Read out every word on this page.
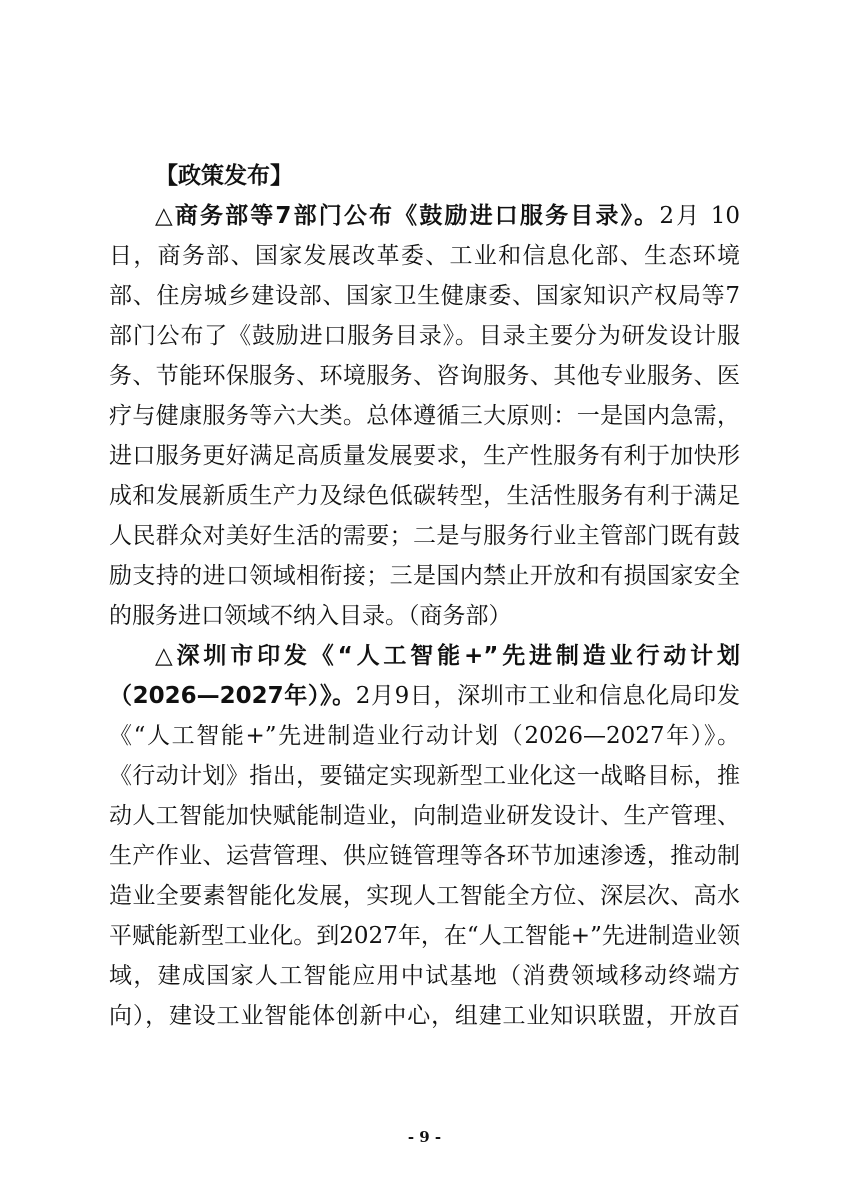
【政策发布】
△商务部等7部门公布《鼓励进口服务目录》。2月 10
日，商务部、国家发展改革委、工业和信息化部、生态环境
部、住房城乡建设部、国家卫生健康委、国家知识产权局等7
部门公布了《鼓励进口服务目录》。目录主要分为研发设计服
务、节能环保服务、环境服务、咨询服务、其他专业服务、医
疗与健康服务等六大类。总体遵循三大原则：一是国内急需，
进口服务更好满足高质量发展要求，生产性服务有利于加快形
成和发展新质生产力及绿色低碳转型，生活性服务有利于满足
人民群众对美好生活的需要；二是与服务行业主管部门既有鼓
励支持的进口领域相衔接；三是国内禁止开放和有损国家安全
的服务进口领域不纳入目录。（商务部）
△深圳市印发《“人工智能+”先进制造业行动计划
（2026—2027年）》。2月9日，深圳市工业和信息化局印发
《“人工智能+”先进制造业行动计划（2026—2027年）》。
《行动计划》指出，要锚定实现新型工业化这一战略目标，推
动人工智能加快赋能制造业，向制造业研发设计、生产管理、
生产作业、运营管理、供应链管理等各环节加速渗透，推动制
造业全要素智能化发展，实现人工智能全方位、深层次、高水
平赋能新型工业化。到2027年，在“人工智能+”先进制造业领
域，建成国家人工智能应用中试基地（消费领域移动终端方
向），建设工业智能体创新中心，组建工业知识联盟，开放百
- 9 -
